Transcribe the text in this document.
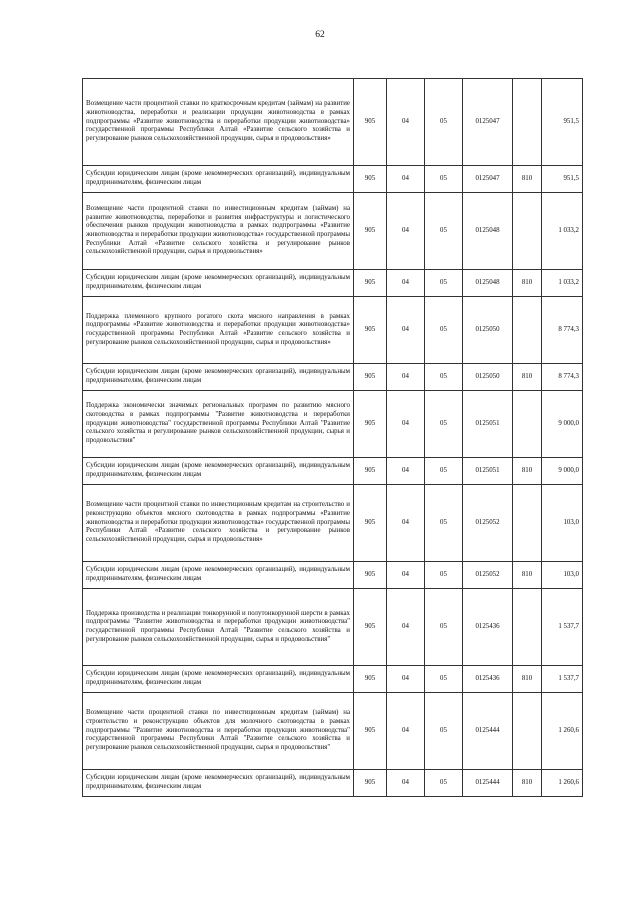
62
Возмещение части процентной ставки по краткосрочным кредитам (займам) на развитие животноводства, переработки и реализации продукции животноводства в рамках подпрограммы «Развитие животноводства и переработки продукции животноводства» государственной программы Республики Алтай «Развитие сельского хозяйства и регулирование рынков сельскохозяйственной продукции, сырья и продовольствия»	905	04	05	0125047		951,5
Субсидии юридическим лицам (кроме некоммерческих организаций), индивидуальным предпринимателям, физическим лицам	905	04	05	0125047	810	951,5
Возмещение части процентной ставки по инвестиционным кредитам (займам) на развитие животноводства, переработки и развития инфраструктуры и логистического обеспечения рынков продукции животноводства в рамках подпрограммы «Развитие животноводства и переработки продукции животноводства» государственной программы Республики Алтай «Развитие сельского хозяйства и регулирование рынков сельскохозяйственной продукции, сырья и продовольствия»	905	04	05	0125048		1 033,2
Субсидии юридическим лицам (кроме некоммерческих организаций), индивидуальным предпринимателям, физическим лицам	905	04	05	0125048	810	1 033,2
Поддержка племенного крупного рогатого скота мясного направления в рамках подпрограммы «Развитие животноводства и переработки продукции животноводства» государственной программы Республики Алтай «Развитие сельского хозяйства и регулирование рынков сельскохозяйственной продукции, сырья и продовольствия»	905	04	05	0125050		8 774,3
Субсидии юридическим лицам (кроме некоммерческих организаций), индивидуальным предпринимателям, физическим лицам	905	04	05	0125050	810	8 774,3
Поддержка экономически значимых региональных программ по развитию мясного скотоводства в рамках подпрограммы "Развитие животноводства и переработки продукции животноводства" государственной программы Республики Алтай "Развитие сельского хозяйства и регулирование рынков сельскохозяйственной продукции, сырья и продовольствия"	905	04	05	0125051		9 000,0
Субсидии юридическим лицам (кроме некоммерческих организаций), индивидуальным предпринимателям, физическим лицам	905	04	05	0125051	810	9 000,0
Возмещение части процентной ставки по инвестиционным кредитам на строительство и реконструкцию объектов мясного скотоводства в рамках подпрограммы «Развитие животноводства и переработки продукции животноводства» государственной программы Республики Алтай «Развитие сельского хозяйства и регулирование рынков сельскохозяйственной продукции, сырья и продовольствия»	905	04	05	0125052		103,0
Субсидии юридическим лицам (кроме некоммерческих организаций), индивидуальным предпринимателям, физическим лицам	905	04	05	0125052	810	103,0
Поддержка производства и реализации тонкорунной и полутонкорунной шерсти в рамках подпрограммы "Развитие животноводства и переработки продукции животноводства" государственной программы Республики Алтай "Развитие сельского хозяйства и регулирование рынков сельскохозяйственной продукции, сырья и продовольствия"	905	04	05	0125436		1 537,7
Субсидии юридическим лицам (кроме некоммерческих организаций), индивидуальным предпринимателям, физическим лицам	905	04	05	0125436	810	1 537,7
Возмещение части процентной ставки по инвестиционным кредитам (займам) на строительство и реконструкцию объектов для молочного скотоводства в рамках подпрограммы "Развитие животноводства и переработки продукции животноводства" государственной программы Республики Алтай "Развитие сельского хозяйства и регулирование рынков сельскохозяйственной продукции, сырья и продовольствия"	905	04	05	0125444		1 260,6
Субсидии юридическим лицам (кроме некоммерческих организаций), индивидуальным предпринимателям, физическим лицам	905	04	05	0125444	810	1 260,6
